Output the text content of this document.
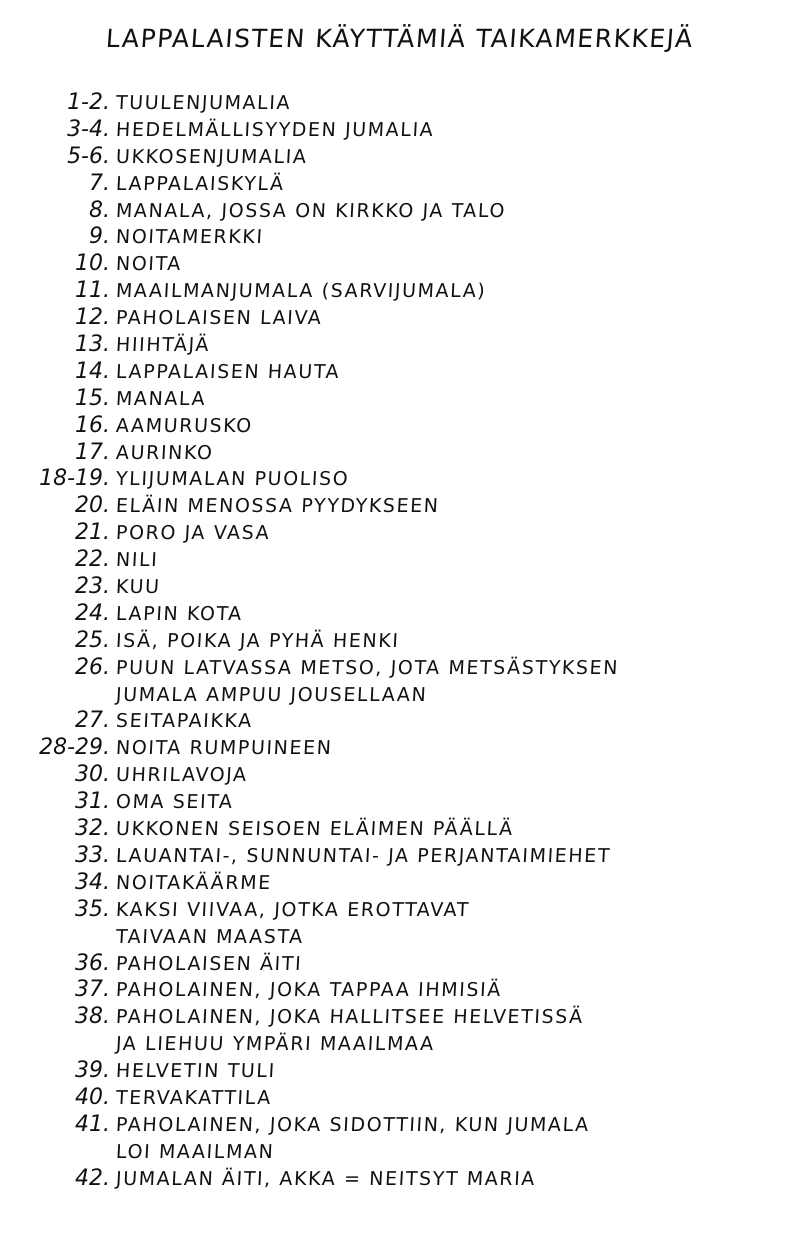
LAPPALAISTEN KÄYTTÄMIÄ TAIKAMERKKEJÄ
1-2. TUULENJUMALIA
3-4. HEDELMÄLLISYYDEN JUMALIA
5-6. UKKOSENJUMALIA
7. LAPPALAISKYLÄ
8. MANALA, JOSSA ON KIRKKO JA TALO
9. NOITAMERKKI
10. NOITA
11. MAAILMANJUMALA (SARVIJUMALA)
12. PAHOLAISEN LAIVA
13. HIIHTÄJÄ
14. LAPPALAISEN HAUTA
15. MANALA
16. AAMURUSKO
17. AURINKO
18-19. YLIJUMALAN PUOLISO
20. ELÄIN MENOSSA PYYDYKSEEN
21. PORO JA VASA
22. NILI
23. KUU
24. LAPIN KOTA
25. ISÄ, POIKA JA PYHÄ HENKI
26. PUUN LATVASSA METSO, JOTA METSÄSTYKSEN
JUMALA AMPUU JOUSELLAAN
27. SEITAPAIKKA
28-29. NOITA RUMPUINEEN
30. UHRILAVOJA
31. OMA SEITA
32. UKKONEN SEISOEN ELÄIMEN PÄÄLLÄ
33. LAUANTAI-, SUNNUNTAI- JA PERJANTAIMIEHET
34. NOITAKÄÄRME
35. KAKSI VIIVAA, JOTKA EROTTAVAT
TAIVAAN MAASTA
36. PAHOLAISEN ÄITI
37. PAHOLAINEN, JOKA TAPPAA IHMISIÄ
38. PAHOLAINEN, JOKA HALLITSEE HELVETISSÄ
JA LIEHUU YMPÄRI MAAILMAA
39. HELVETIN TULI
40. TERVAKATTILA
41. PAHOLAINEN, JOKA SIDOTTIIN, KUN JUMALA
LOI MAAILMAN
42. JUMALAN ÄITI, AKKA = NEITSYT MARIA
